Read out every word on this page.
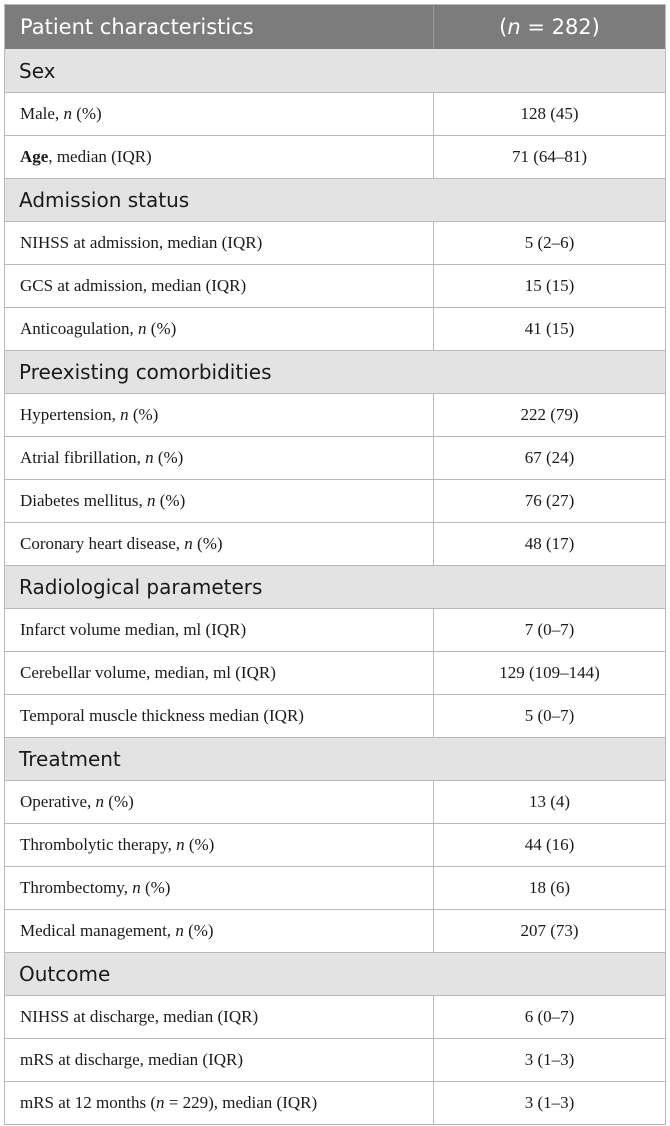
Patient characteristics	( n = 282)
Sex
Male, n (%)	128 (45)
Age , median (IQR)	71 (64–81)
Admission status
NIHSS at admission, median (IQR)	5 (2–6)
GCS at admission, median (IQR)	15 (15)
Anticoagulation, n (%)	41 (15)
Preexisting comorbidities
Hypertension, n (%)	222 (79)
Atrial fibrillation, n (%)	67 (24)
Diabetes mellitus, n (%)	76 (27)
Coronary heart disease, n (%)	48 (17)
Radiological parameters
Infarct volume median, ml (IQR)	7 (0–7)
Cerebellar volume, median, ml (IQR)	129 (109–144)
Temporal muscle thickness median (IQR)	5 (0–7)
Treatment
Operative, n (%)	13 (4)
Thrombolytic therapy, n (%)	44 (16)
Thrombectomy, n (%)	18 (6)
Medical management, n (%)	207 (73)
Outcome
NIHSS at discharge, median (IQR)	6 (0–7)
mRS at discharge, median (IQR)	3 (1–3)
mRS at 12 months ( n = 229), median (IQR)	3 (1–3)
